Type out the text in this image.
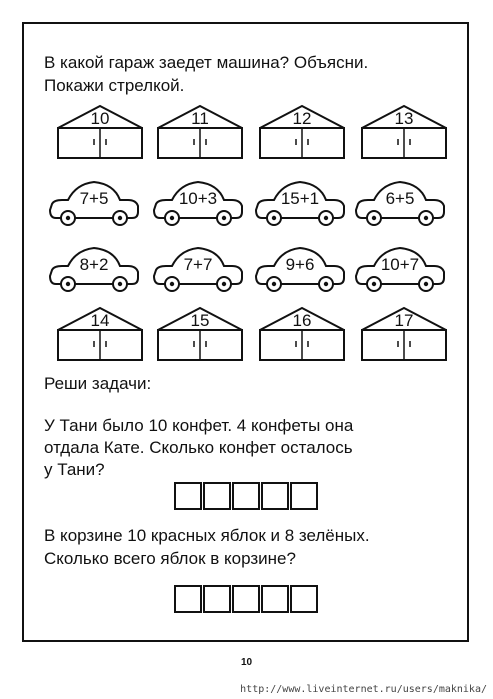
В какой гараж заедет машина? Объясни.
Покажи стрелкой.
10	11	12	13
7+5	10+3	15+1	6+5
8+2	7+7	9+6	10+7
14	15	16	17
Реши задачи:
У Тани было 10 конфет. 4 конфеты она
отдала Кате. Сколько конфет осталось
у Тани?
В корзине 10 красных яблок и 8 зелёных.
Сколько всего яблок в корзине?
10
http://www.liveinternet.ru/users/maknika/
